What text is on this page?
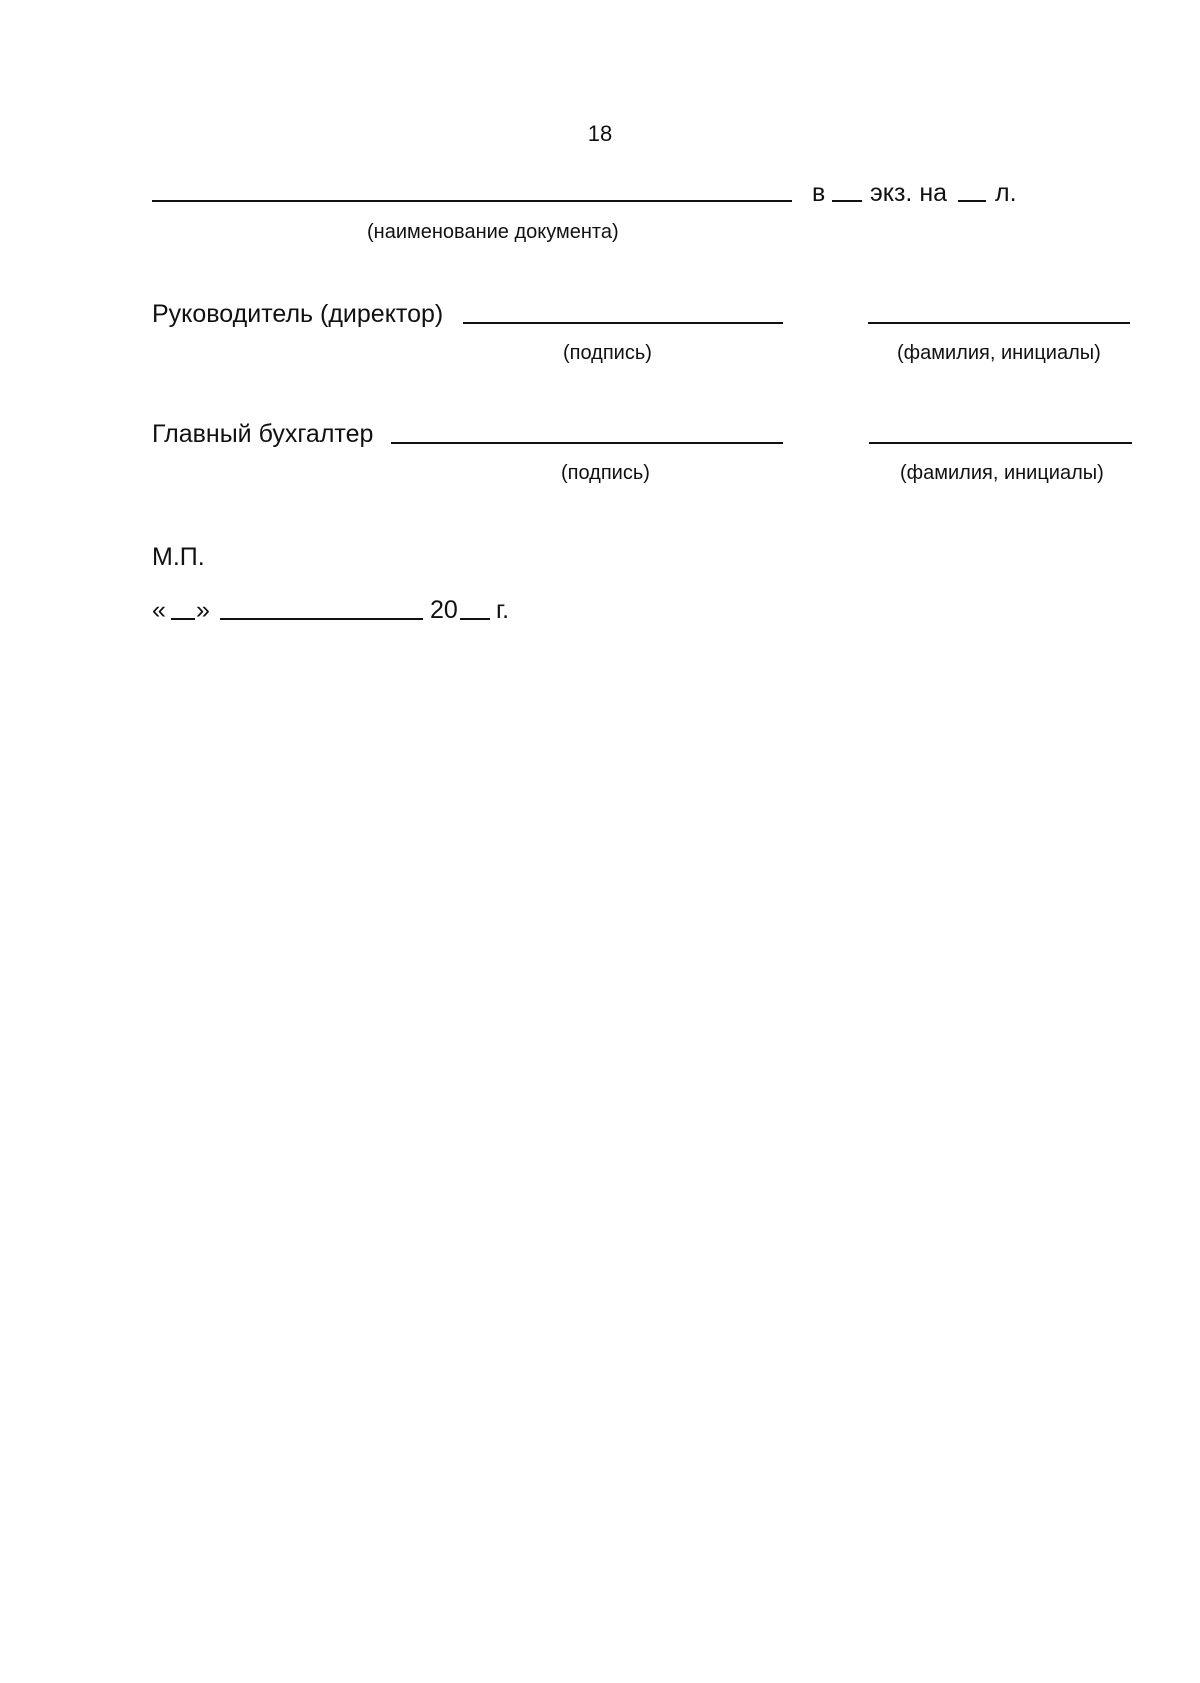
18
в экз. на л.
(наименование документа)
Руководитель (директор)
(подпись)	(фамилия, инициалы)
Главный бухгалтер
(подпись)	(фамилия, инициалы)
М.П.
« »	20 г.
